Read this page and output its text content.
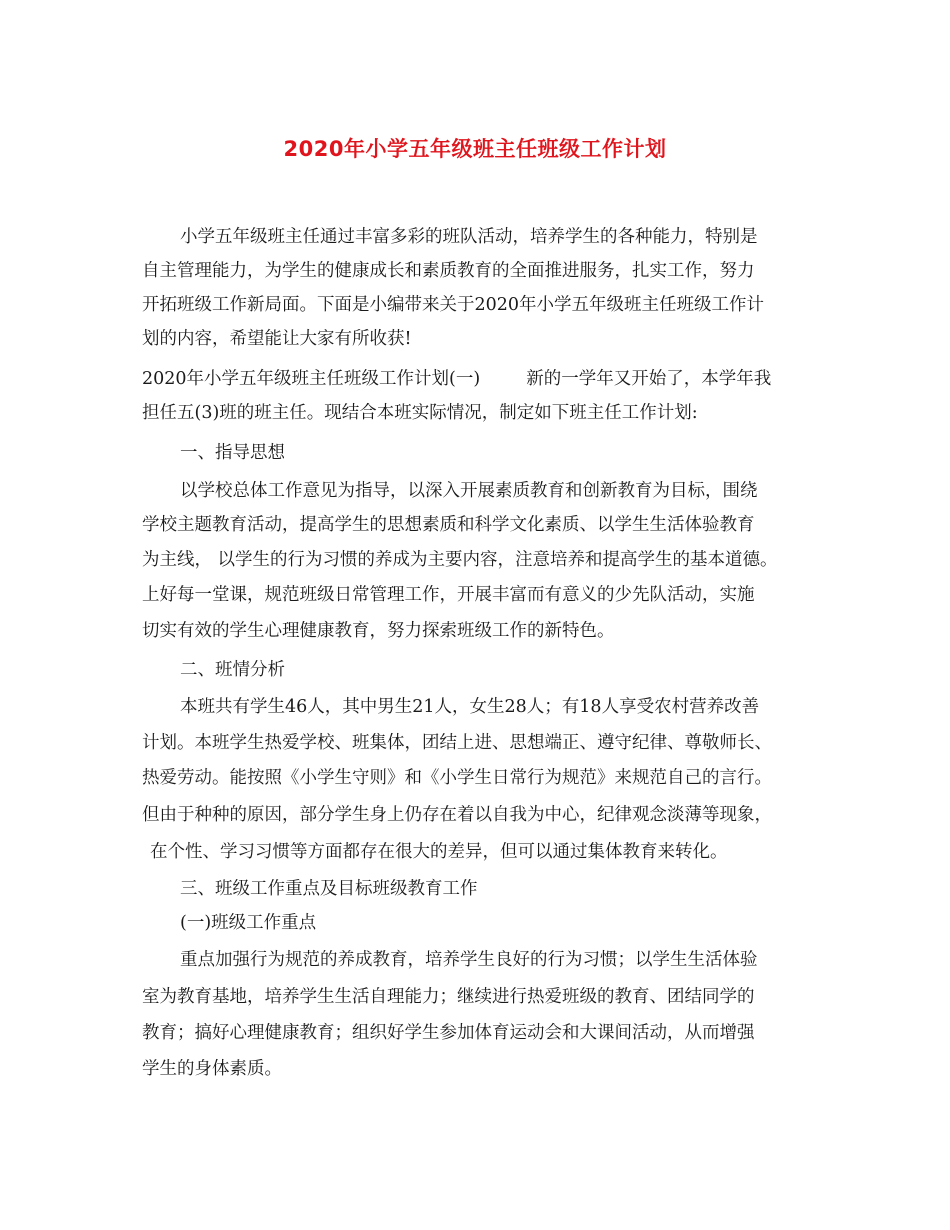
2020年小学五年级班主任班级工作计划
小学五年级班主任通过丰富多彩的班队活动，培养学生的各种能力，特别是
自主管理能力，为学生的健康成长和素质教育的全面推进服务，扎实工作，努力
开拓班级工作新局面。下面是小编带来关于2020年小学五年级班主任班级工作计
划的内容，希望能让大家有所收获!
2020年小学五年级班主任班级工作计划(一)	新的一学年又开始了，本学年我
担任五(3)班的班主任。现结合本班实际情况，制定如下班主任工作计划:
一、指导思想
以学校总体工作意见为指导，以深入开展素质教育和创新教育为目标，围绕
学校主题教育活动，提高学生的思想素质和科学文化素质、以学生生活体验教育
为主线， 以学生的行为习惯的养成为主要内容，注意培养和提高学生的基本道德。
上好每一堂课，规范班级日常管理工作，开展丰富而有意义的少先队活动，实施
切实有效的学生心理健康教育，努力探索班级工作的新特色。
二、班情分析
本班共有学生46人，其中男生21人，女生28人；有18人享受农村营养改善
计划。本班学生热爱学校、班集体，团结上进、思想端正、遵守纪律、尊敬师长、
热爱劳动。能按照《小学生守则》和《小学生日常行为规范》来规范自己的言行。
但由于种种的原因，部分学生身上仍存在着以自我为中心，纪律观念淡薄等现象，
在个性、学习习惯等方面都存在很大的差异，但可以通过集体教育来转化。
三、班级工作重点及目标班级教育工作
(一)班级工作重点
重点加强行为规范的养成教育，培养学生良好的行为习惯；以学生生活体验
室为教育基地，培养学生生活自理能力；继续进行热爱班级的教育、团结同学的
教育；搞好心理健康教育；组织好学生参加体育运动会和大课间活动，从而增强
学生的身体素质。
